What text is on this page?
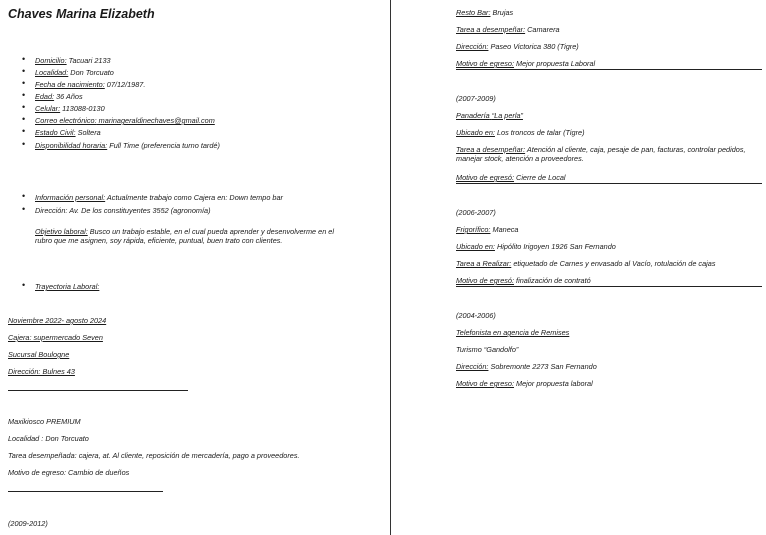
Chaves Marina Elizabeth
• Domicilio: Tacuari 2133
• Localidad: Don Torcuato
• Fecha de nacimiento: 07/12/1987.
• Edad: 36 Años
• Celular: 113088-0130
• Correo electrónico: marinageraldinechaves@gmail.com
• Estado Civil: Soltera
• Disponibilidad horaria: Full Time (preferencia turno tardé)
• Información personal: Actualmente trabajo como Cajera en: Down tempo bar
• Dirección: Av. De los constituyentes 3552 (agronomía)
Objetivo laboral: Busco un trabajo estable, en el cual pueda aprender y desenvolverme en el rubro que me asignen, soy rápida, eficiente, puntual, buen trato con clientes.
• Trayectoria Laboral:
Noviembre 2022- agosto 2024
Cajera: supermercado Seven
Sucursal Boulogne
Dirección: Bulnes 43
Maxikiosco PREMIUM
Localidad : Don Torcuato
Tarea desempeñada: cajera, at. Al cliente, reposición de mercadería, pago a proveedores.
Motivo de egreso: Cambio de dueños
(2009-2012)
Resto Bar: Brujas
Tarea a desempeñar: Camarera
Dirección: Paseo Victorica 380 (Tigre)
Motivo de egreso: Mejor propuesta Laboral
(2007-2009)
Panadería “La perla”
Ubicado en: Los troncos de talar (Tigre)
Tarea a desempeñar: Atención al cliente, caja, pesaje de pan, facturas, controlar pedidos, manejar stock, atención a proveedores.
Motivo de egresó: Cierre de Local
(2006-2007)
Frigorífico: Maneca
Ubicado en: Hipólito Irigoyen 1926 San Fernando
Tarea a Realizar: etiquetado de Carnes y envasado al Vacío, rotulación de cajas
Motivo de egresó: finalización de contrató
(2004-2006)
Telefonista en agencia de Remises
Turismo “Gandolfo”
Dirección: Sobremonte 2273 San Fernando
Motivo de egreso: Mejor propuesta laboral
